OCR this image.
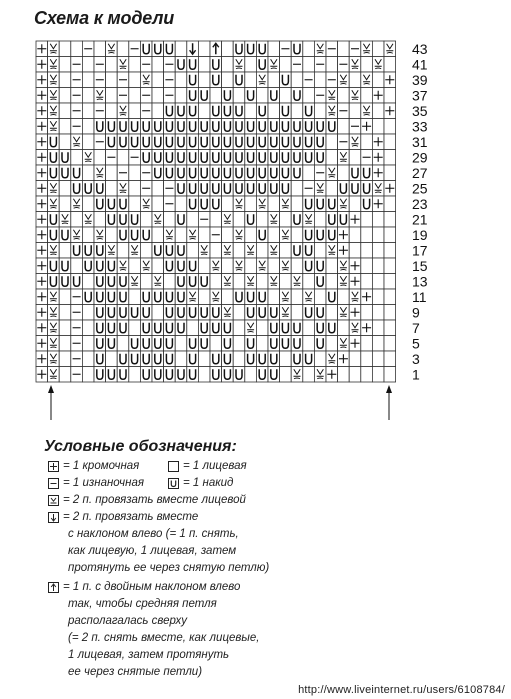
Схема к модели
43
41
39
37
35
33
31
29
27
25
23
21
19
17
15
13
11
9
7
5
3
1
Условные обозначения:
= 1 кромочная	= 1 лицевая
= 1 изнаночная	= 1 накид
= 2 п. провязать вместе лицевой
= 2 п. провязать вместе
с наклоном влево (= 1 п. снять,
как лицевую, 1 лицевая, затем
протянуть ее через снятую петлю)
= 1 п. с двойным наклоном влево
так, чтобы средняя петля
располагалась сверху
(= 2 п. снять вместе, как лицевые,
1 лицевая, затем протянуть
ее через снятые петли)
http://www.liveinternet.ru/users/6108784/
